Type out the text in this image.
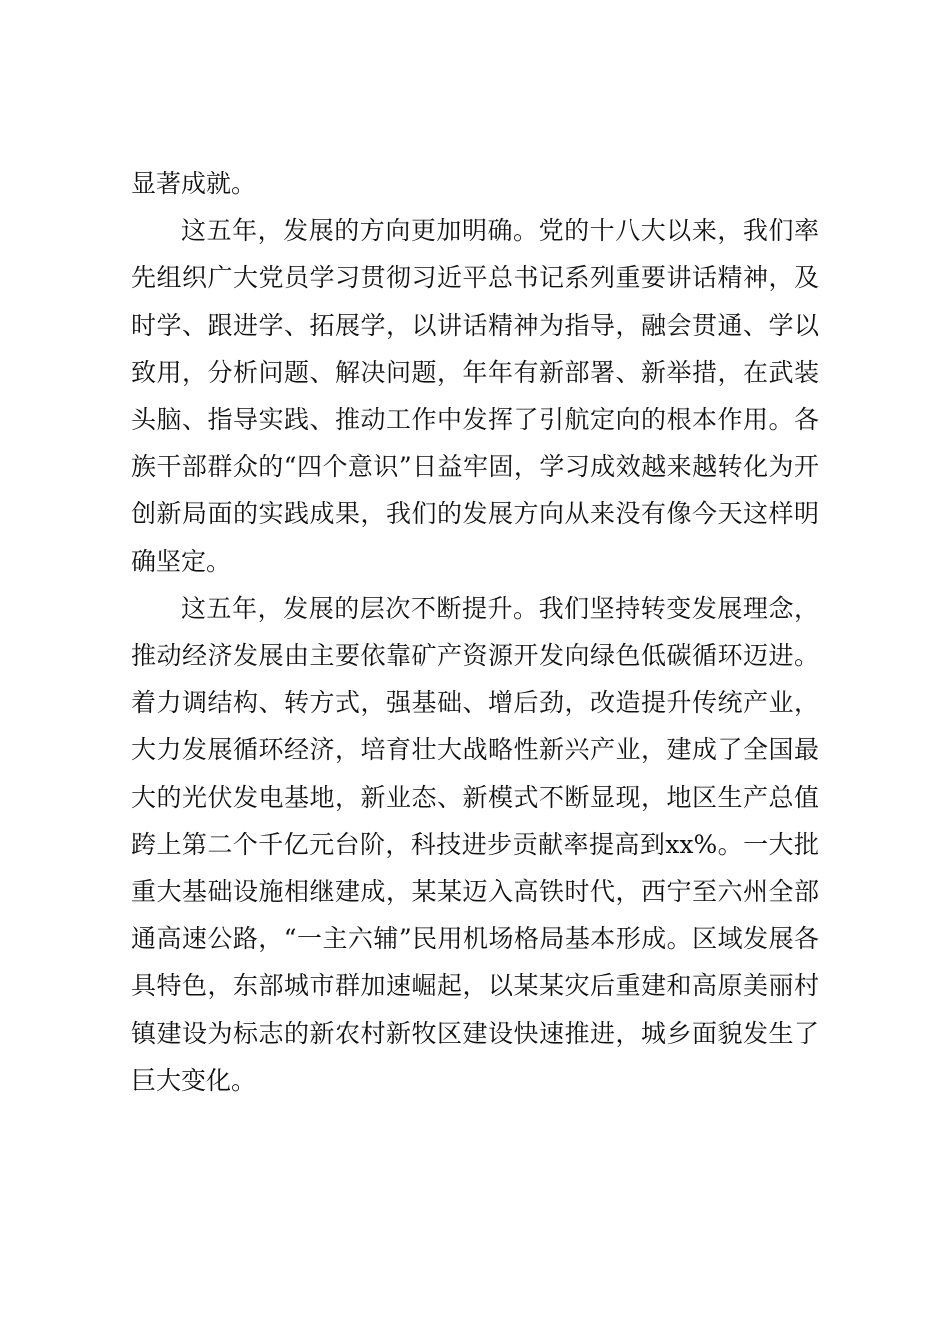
显著成就。

这五年，发展的方向更加明确。党的十八大以来，我们率先组织广大党员学习贯彻习近平总书记系列重要讲话精神，及时学、跟进学、拓展学，以讲话精神为指导，融会贯通、学以致用，分析问题、解决问题，年年有新部署、新举措，在武装头脑、指导实践、推动工作中发挥了引航定向的根本作用。各族干部群众的“四个意识”日益牢固，学习成效越来越转化为开创新局面的实践成果，我们的发展方向从来没有像今天这样明确坚定。

这五年，发展的层次不断提升。我们坚持转变发展理念，推动经济发展由主要依靠矿产资源开发向绿色低碳循环迈进。着力调结构、转方式，强基础、增后劲，改造提升传统产业，大力发展循环经济，培育壮大战略性新兴产业，建成了全国最大的光伏发电基地，新业态、新模式不断显现，地区生产总值跨上第二个千亿元台阶，科技进步贡献率提高到xx%。一大批重大基础设施相继建成，某某迈入高铁时代，西宁至六州全部通高速公路，“一主六辅”民用机场格局基本形成。区域发展各具特色，东部城市群加速崛起，以某某灾后重建和高原美丽村镇建设为标志的新农村新牧区建设快速推进，城乡面貌发生了巨大变化。
